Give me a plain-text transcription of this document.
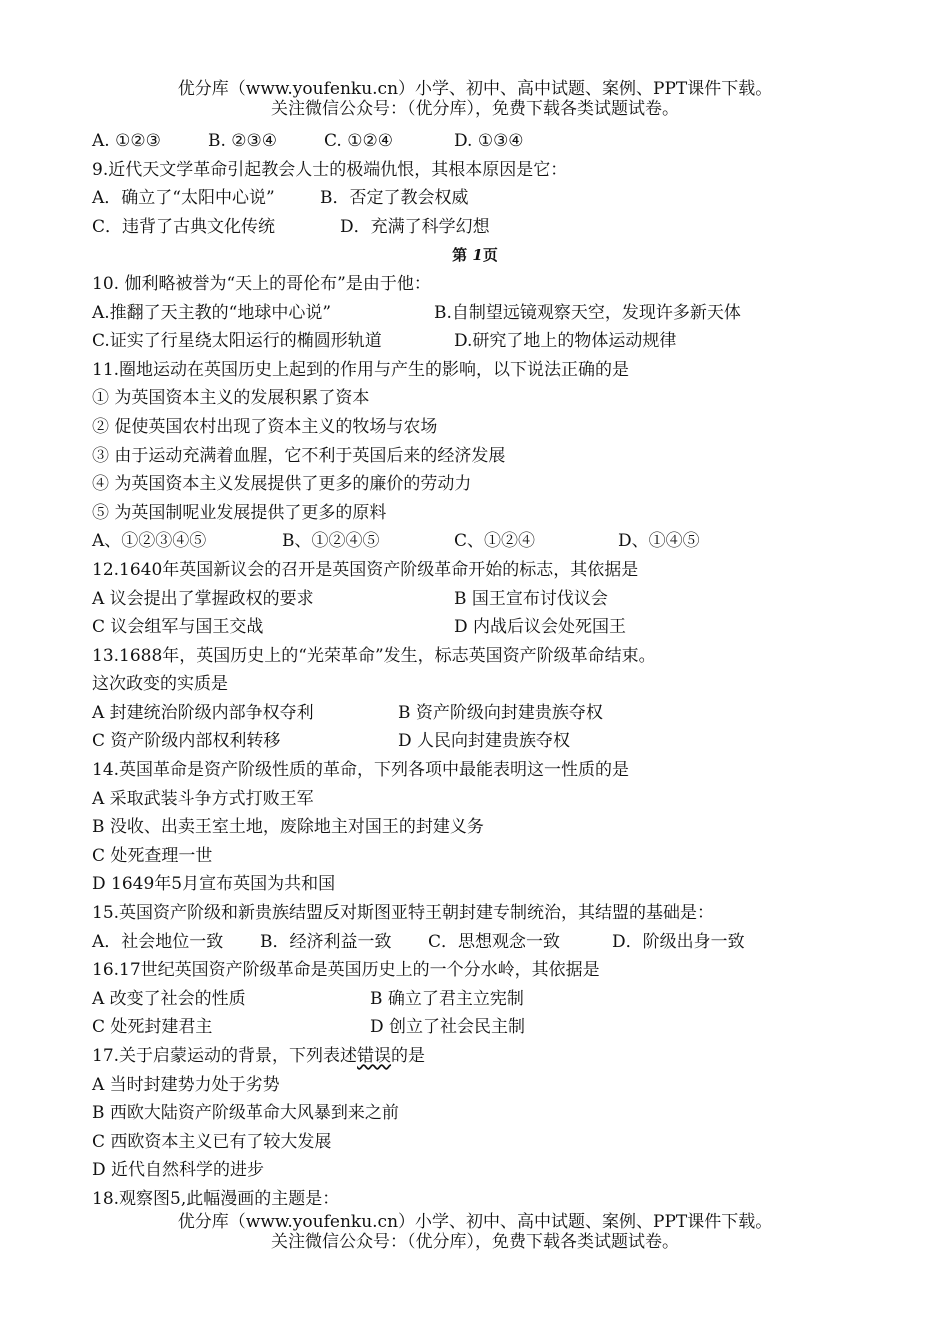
优分库（www.youfenku.cn）小学、初中、高中试题、案例、PPT课件下载。
关注微信公众号：（优分库），免费下载各类试题试卷。
A. ①②③	B. ②③④	C. ①②④	D. ①③④
9.近代天文学革命引起教会人士的极端仇恨，其根本原因是它：
A．确立了“太阳中心说”	B．否定了教会权威
C．违背了古典文化传统	D．充满了科学幻想
第 1页
10. 伽利略被誉为“天上的哥伦布”是由于他：
A.推翻了天主教的“地球中心说”	B.自制望远镜观察天空，发现许多新天体
C.证实了行星绕太阳运行的椭圆形轨道	D.研究了地上的物体运动规律
11.圈地运动在英国历史上起到的作用与产生的影响，以下说法正确的是
① 为英国资本主义的发展积累了资本
② 促使英国农村出现了资本主义的牧场与农场
③ 由于运动充满着血腥，它不利于英国后来的经济发展
④ 为英国资本主义发展提供了更多的廉价的劳动力
⑤ 为英国制呢业发展提供了更多的原料
A、①②③④⑤	B、①②④⑤	C、①②④	D、①④⑤
12.1640年英国新议会的召开是英国资产阶级革命开始的标志，其依据是
A 议会提出了掌握政权的要求	B 国王宣布讨伐议会
C 议会组军与国王交战	D 内战后议会处死国王
13.1688年，英国历史上的“光荣革命”发生，标志英国资产阶级革命结束。
这次政变的实质是
A 封建统治阶级内部争权夺利	B 资产阶级向封建贵族夺权
C 资产阶级内部权利转移	D 人民向封建贵族夺权
14.英国革命是资产阶级性质的革命，下列各项中最能表明这一性质的是
A 采取武装斗争方式打败王军
B 没收、出卖王室土地，废除地主对国王的封建义务
C 处死查理一世
D 1649年5月宣布英国为共和国
15.英国资产阶级和新贵族结盟反对斯图亚特王朝封建专制统治，其结盟的基础是：
A．社会地位一致 B．经济利益一致 C．思想观念一致	D．阶级出身一致
16.17世纪英国资产阶级革命是英国历史上的一个分水岭，其依据是
A 改变了社会的性质	B 确立了君主立宪制
C 处死封建君主	D 创立了社会民主制
17.关于启蒙运动的背景，下列表述错误的是
A 当时封建势力处于劣势
B 西欧大陆资产阶级革命大风暴到来之前
C 西欧资本主义已有了较大发展
D 近代自然科学的进步
18.观察图5,此幅漫画的主题是：
优分库（www.youfenku.cn）小学、初中、高中试题、案例、PPT课件下载。
关注微信公众号：（优分库），免费下载各类试题试卷。
